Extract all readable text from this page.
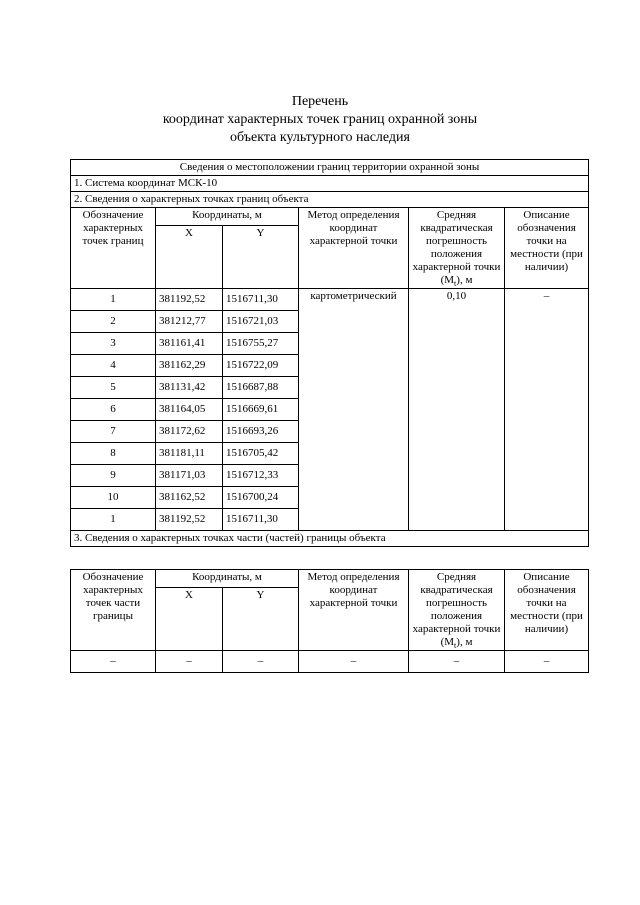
Перечень
координат характерных точек границ охранной зоны
объекта культурного наследия
Сведения о местоположении границ территории охранной зоны					
1. Система координат МСК-10					
2. Сведения о характерных точках границ объекта					
Обозначение характерных точек границ	Координаты, м		Метод определения координат характерной точки	Средняя квадратическая погрешность положения характерной точки $(M_t)$, м	Описание обозначения точки на местности (при наличии)
	X	Y			
1	381192,52	1516711,30	картометрический	0,10	–
2	381212,77	1516721,03			
3	381161,41	1516755,27			
4	381162,29	1516722,09			
5	381131,42	1516687,88			
6	381164,05	1516669,61			
7	381172,62	1516693,26			
8	381181,11	1516705,42			
9	381171,03	1516712,33			
10	381162,52	1516700,24			
1	381192,52	1516711,30			
3. Сведения о характерных точках части (частей) границы объекта					
Обозначение характерных точек части границы	Координаты, м		Метод определения координат характерной точки	Средняя квадратическая погрешность положения характерной точки $(M_t)$, м	Описание обозначения точки на местности (при наличии)
	X	Y			
–	–	–	–	–	–
